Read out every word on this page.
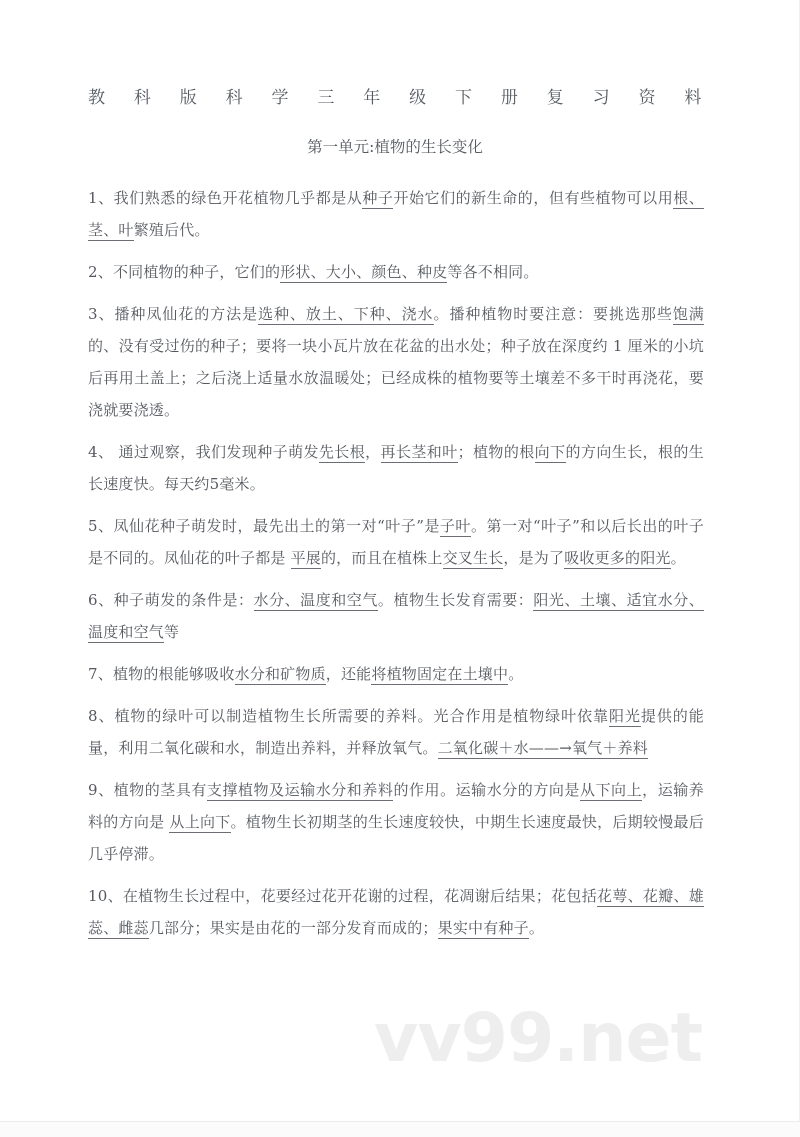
教 科 版 科 学 三 年 级 下 册 复 习 资 料
第一单元:植物的生长变化
1、我们熟悉的绿色开花植物几乎都是从种子开始它们的新生命的，但有些植物可以用根、茎、叶繁殖后代。
2、不同植物的种子，它们的形状、大小、颜色、种皮等各不相同。
3、播种凤仙花的方法是选种、放土、下种、浇水。播种植物时要注意：要挑选那些饱满的、没有受过伤的种子；要将一块小瓦片放在花盆的出水处；种子放在深度约 1 厘米的小坑后再用土盖上；之后浇上适量水放温暖处；已经成株的植物要等土壤差不多干时再浇花，要浇就要浇透。
4、 通过观察，我们发现种子萌发先长根，再长茎和叶；植物的根向下的方向生长，根的生长速度快。每天约5毫米。
5、凤仙花种子萌发时，最先出土的第一对“叶子”是子叶。第一对“叶子”和以后长出的叶子是不同的。凤仙花的叶子都是 平展的，而且在植株上交叉生长，是为了吸收更多的阳光。
6、种子萌发的条件是：水分、温度和空气。植物生长发育需要：阳光、土壤、适宜水分、温度和空气等
7、植物的根能够吸收水分和矿物质，还能将植物固定在土壤中。
8、植物的绿叶可以制造植物生长所需要的养料。光合作用是植物绿叶依靠阳光提供的能量，利用二氧化碳和水，制造出养料，并释放氧气。二氧化碳＋水——→氧气＋养料
9、植物的茎具有支撑植物及运输水分和养料的作用。运输水分的方向是从下向上，运输养料的方向是 从上向下。植物生长初期茎的生长速度较快，中期生长速度最快，后期较慢最后几乎停滞。
10、在植物生长过程中，花要经过花开花谢的过程，花凋谢后结果；花包括花萼、花瓣、雄蕊、雌蕊几部分；果实是由花的一部分发育而成的；果实中有种子。
vv99.net
